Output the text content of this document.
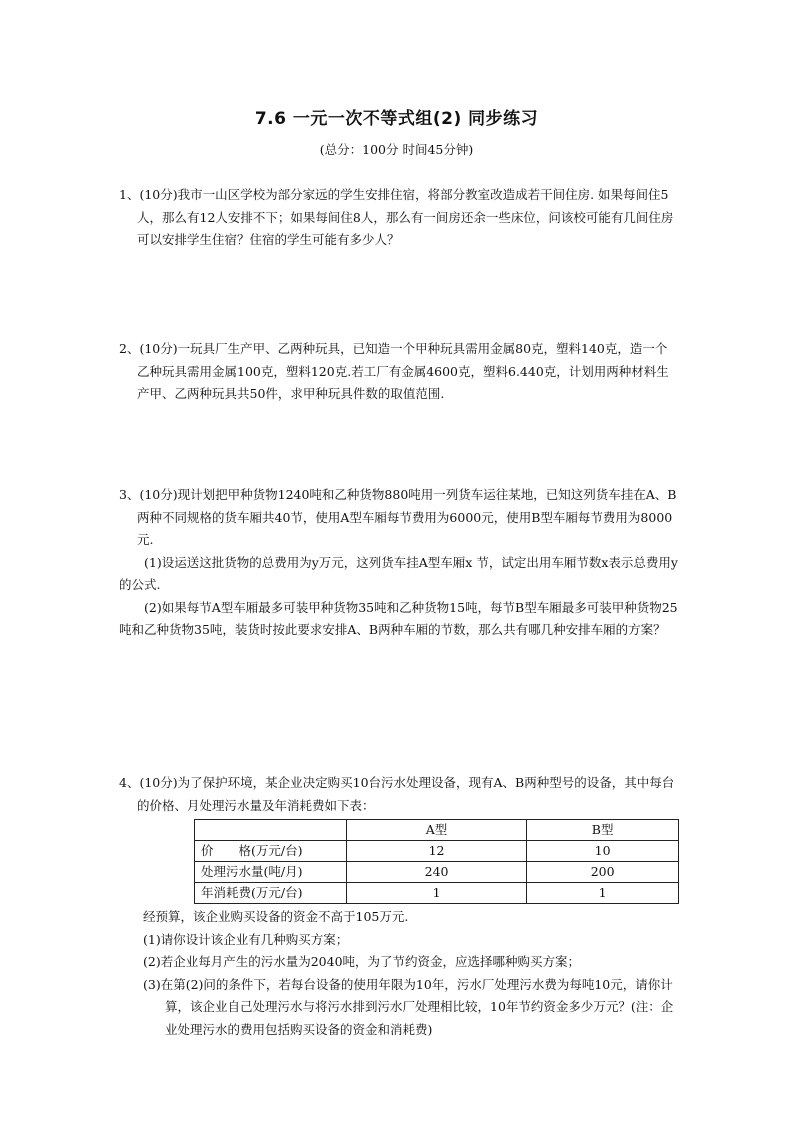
7.6 一元一次不等式组(2) 同步练习
(总分：100分 时间45分钟)

1、(10分)我市一山区学校为部分家远的学生安排住宿，将部分教室改造成若干间住房. 如果每间住5人，那么有12人安排不下；如果每间住8人，那么有一间房还余一些床位，问该校可能有几间住房可以安排学生住宿？住宿的学生可能有多少人？

2、(10分)一玩具厂生产甲、乙两种玩具，已知造一个甲种玩具需用金属80克，塑料140克，造一个乙种玩具需用金属100克，塑料120克.若工厂有金属4600克，塑料6.440克，计划用两种材料生产甲、乙两种玩具共50件，求甲种玩具件数的取值范围.

3、(10分)现计划把甲种货物1240吨和乙种货物880吨用一列货车运往某地，已知这列货车挂在A、B两种不同规格的货车厢共40节，使用A型车厢每节费用为6000元，使用B型车厢每节费用为8000元.

(1)设运送这批货物的总费用为y万元，这列货车挂A型车厢x 节，试定出用车厢节数x表示总费用y的公式.

(2)如果每节A型车厢最多可装甲种货物35吨和乙种货物15吨，每节B型车厢最多可装甲种货物25吨和乙种货物35吨，装货时按此要求安排A、B两种车厢的节数，那么共有哪几种安排车厢的方案？

4、(10分)为了保护环境，某企业决定购买10台污水处理设备，现有A、B两种型号的设备，其中每台的价格、月处理污水量及年消耗费如下表：

	A型	B型
价　　格(万元/台)	12	10
处理污水量(吨/月)	240	200
年消耗费(万元/台)	1	1

经预算，该企业购买设备的资金不高于105万元.

(1)请你设计该企业有几种购买方案；

(2)若企业每月产生的污水量为2040吨，为了节约资金，应选择哪种购买方案；

(3)在第(2)问的条件下，若每台设备的使用年限为10年，污水厂处理污水费为每吨10元，请你计算，该企业自己处理污水与将污水排到污水厂处理相比较，10年节约资金多少万元？(注：企业处理污水的费用包括购买设备的资金和消耗费)
